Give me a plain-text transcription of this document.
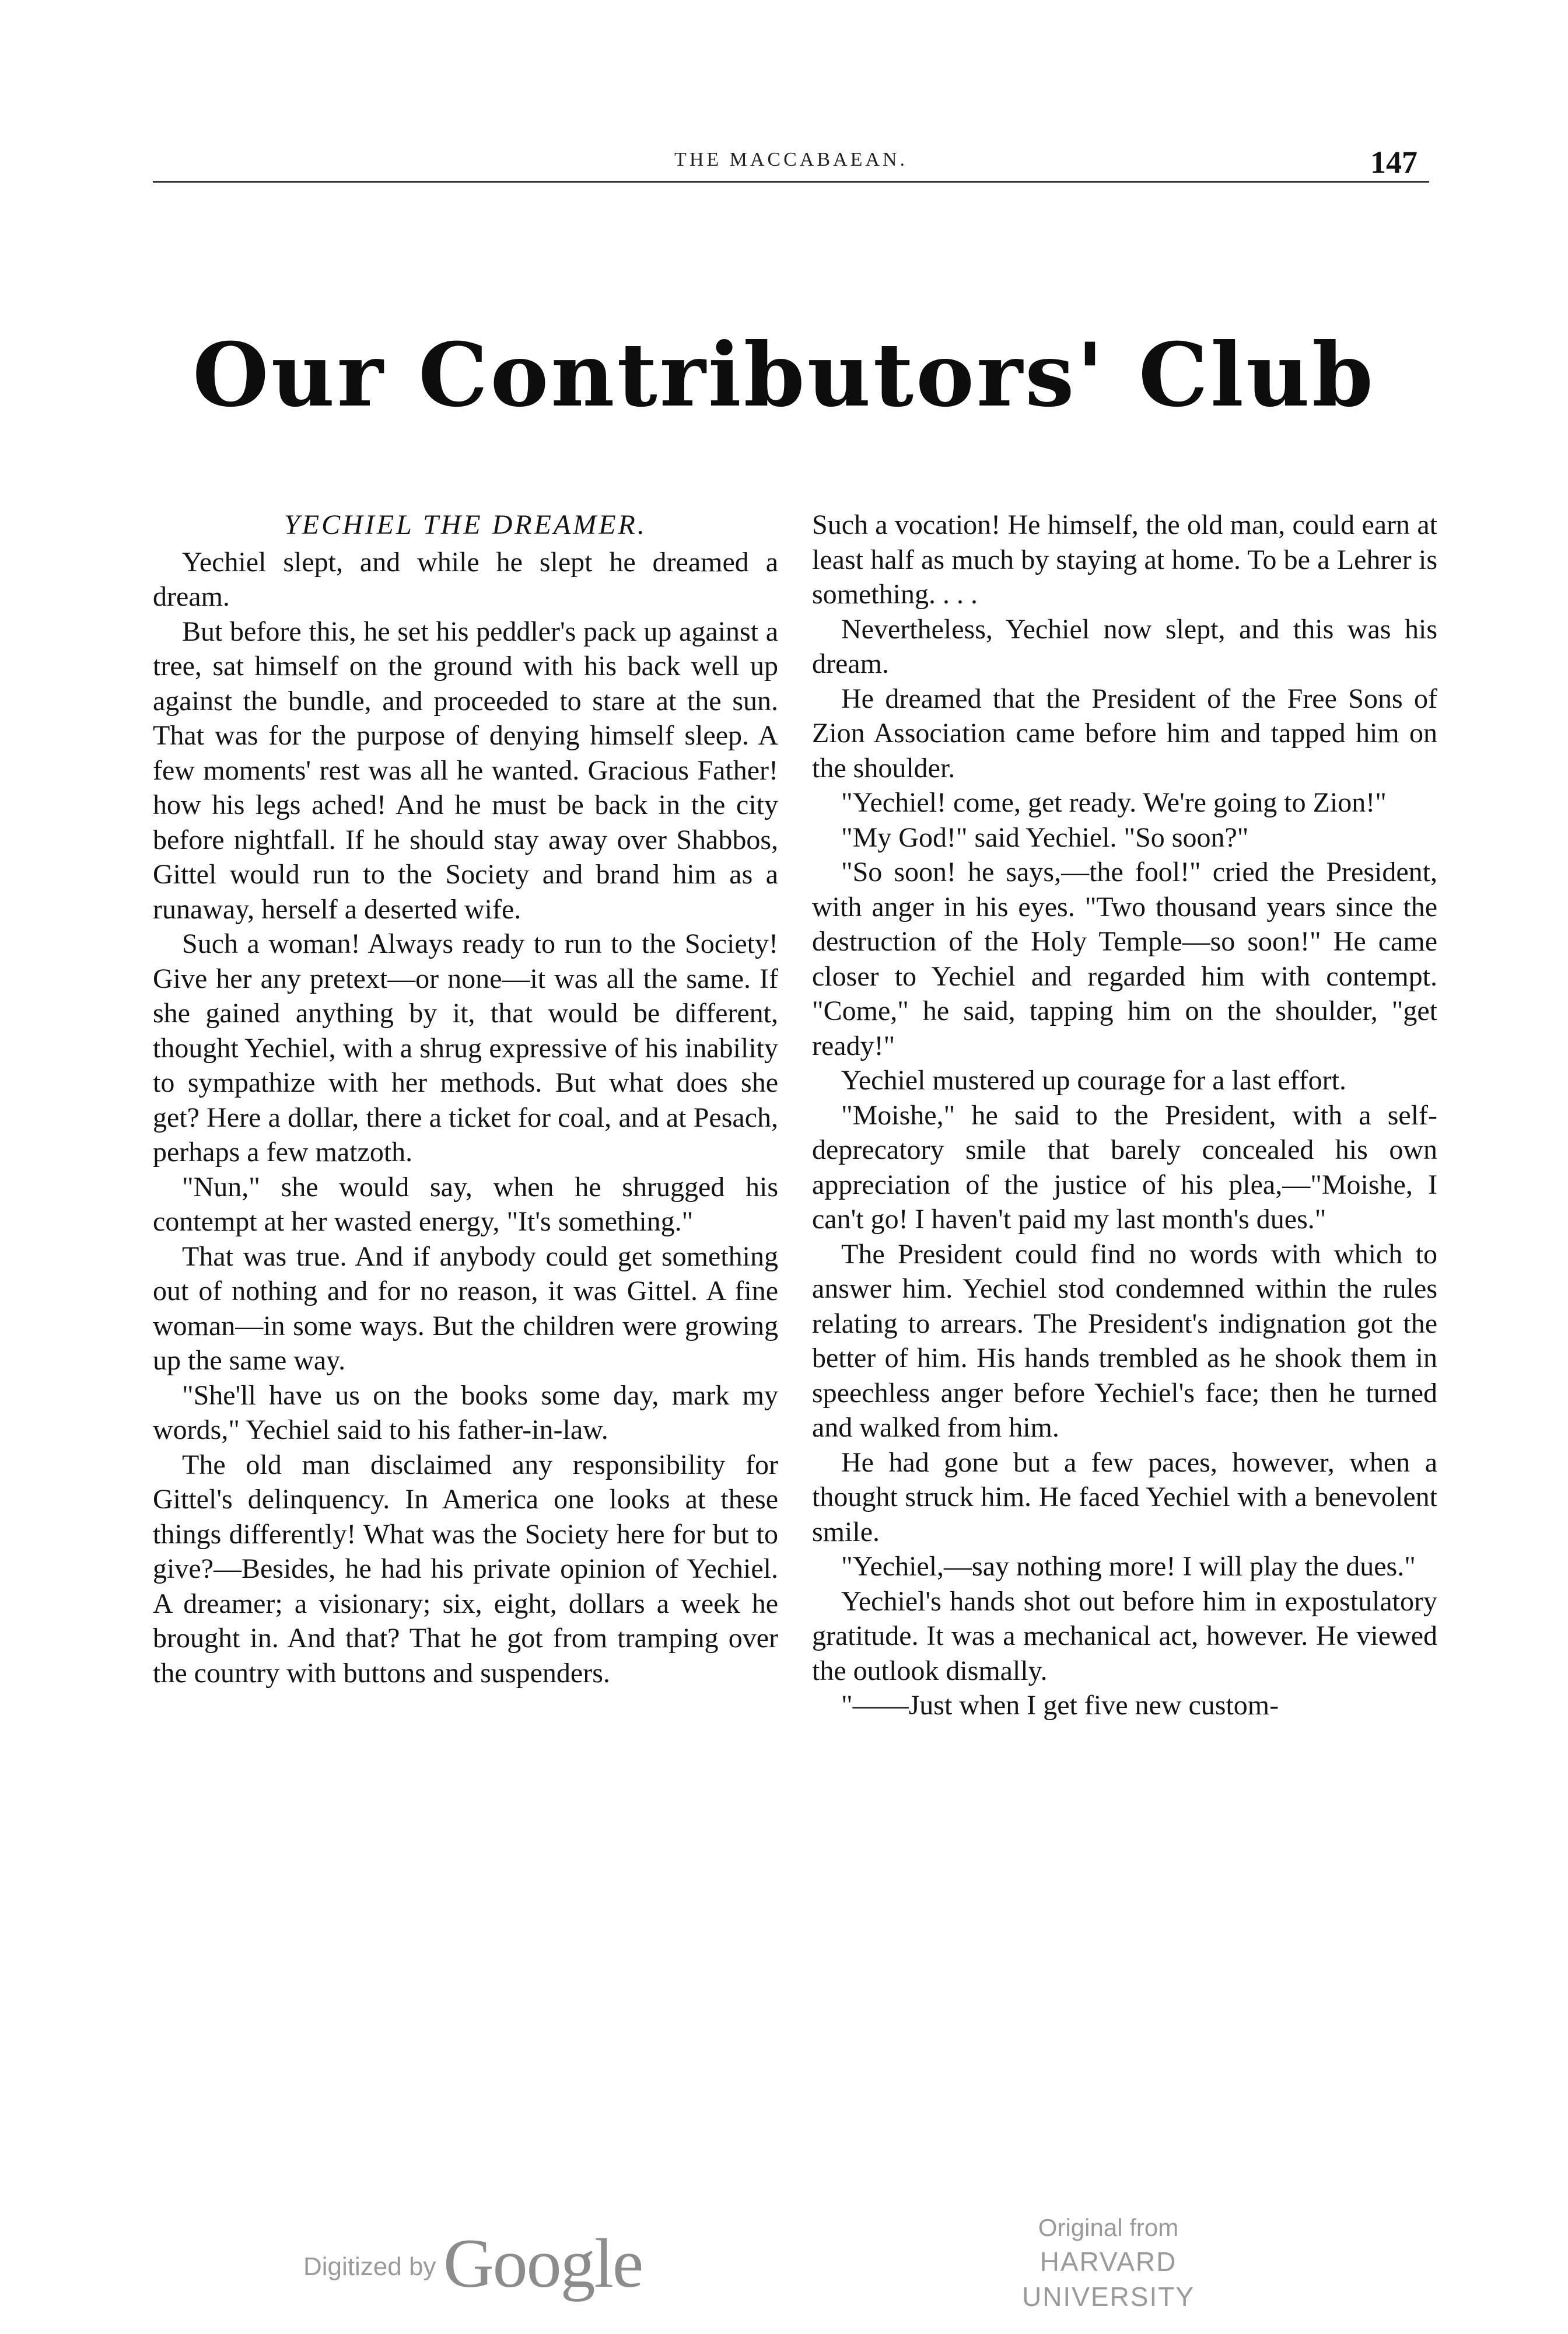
THE MACCABAEAN.	147
Our Contributors' Club
YECHIEL THE DREAMER.

Yechiel slept, and while he slept he dreamed a dream.

But before this, he set his peddler's pack up against a tree, sat himself on the ground with his back well up against the bundle, and proceeded to stare at the sun. That was for the purpose of denying himself sleep. A few moments' rest was all he wanted. Gracious Father! how his legs ached! And he must be back in the city before nightfall. If he should stay away over Shabbos, Gittel would run to the Society and brand him as a runaway, herself a deserted wife.

Such a woman! Always ready to run to the Society! Give her any pretext—or none—it was all the same. If she gained anything by it, that would be different, thought Yechiel, with a shrug expressive of his inability to sympathize with her methods. But what does she get? Here a dollar, there a ticket for coal, and at Pesach, perhaps a few matzoth.

"Nun," she would say, when he shrugged his contempt at her wasted energy, "It's something."

That was true. And if anybody could get something out of nothing and for no reason, it was Gittel. A fine woman—in some ways. But the children were growing up the same way.

"She'll have us on the books some day, mark my words," Yechiel said to his father-in-law.

The old man disclaimed any responsibility for Gittel's delinquency. In America one looks at these things differently! What was the Society here for but to give?—Besides, he had his private opinion of Yechiel. A dreamer; a visionary; six, eight, dollars a week he brought in. And that? That he got from tramping over the country with buttons and suspenders.

Such a vocation! He himself, the old man, could earn at least half as much by staying at home. To be a Lehrer is something. . . .

Nevertheless, Yechiel now slept, and this was his dream.

He dreamed that the President of the Free Sons of Zion Association came before him and tapped him on the shoulder.

"Yechiel! come, get ready. We're going to Zion!"

"My God!" said Yechiel. "So soon?"

"So soon! he says,—the fool!" cried the President, with anger in his eyes. "Two thousand years since the destruction of the Holy Temple—so soon!" He came closer to Yechiel and regarded him with contempt. "Come," he said, tapping him on the shoulder, "get ready!"

Yechiel mustered up courage for a last effort.

"Moishe," he said to the President, with a self-deprecatory smile that barely concealed his own appreciation of the justice of his plea,—"Moishe, I can't go! I haven't paid my last month's dues."

The President could find no words with which to answer him. Yechiel stod condemned within the rules relating to arrears. The President's indignation got the better of him. His hands trembled as he shook them in speechless anger before Yechiel's face; then he turned and walked from him.

He had gone but a few paces, however, when a thought struck him. He faced Yechiel with a benevolent smile.

"Yechiel,—say nothing more! I will play the dues."

Yechiel's hands shot out before him in expostulatory gratitude. It was a mechanical act, however. He viewed the outlook dismally.

"——Just when I get five new custom-

Digitized by Google	Original from
HARVARD UNIVERSITY
